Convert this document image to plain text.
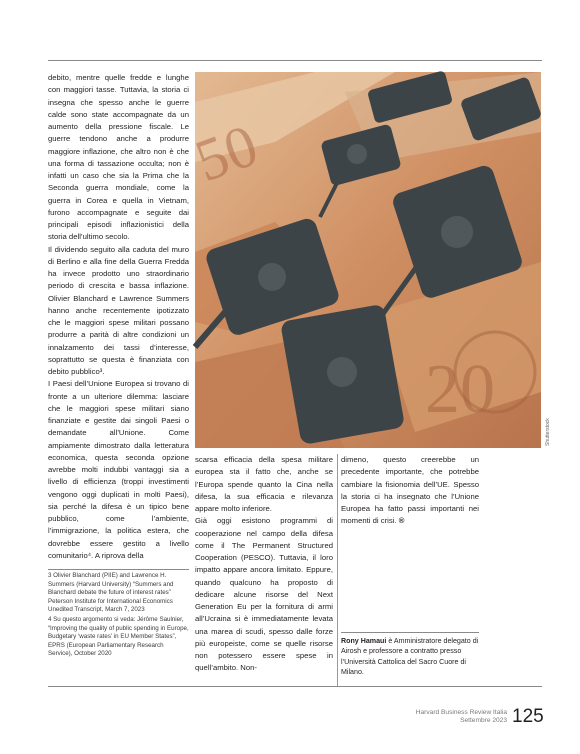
debito, mentre quelle fredde e lunghe con maggiori tasse. Tuttavia, la storia ci insegna che spesso anche le guerre calde sono state accompagnate da un aumento della pressione fiscale. Le guerre tendono anche a produrre maggiore inflazione, che altro non è che una forma di tassazione occulta; non è infatti un caso che sia la Prima che la Seconda guerra mondiale, come la guerra in Corea e quella in Vietnam, furono accompagnate e seguite dai principali episodi inflazionistici della storia dell’ultimo secolo.

Il dividendo seguito alla caduta del muro di Berlino e alla fine della Guerra Fredda ha invece prodotto uno straordinario periodo di crescita e bassa inflazione. Olivier Blanchard e Lawrence Summers hanno anche recentemente ipotizzato che le maggiori spese militari possano produrre a parità di altre condizioni un innalzamento dei tassi d’interesse, soprattutto se questa è finanziata con debito pubblico³.

I Paesi dell’Unione Europea si trovano di fronte a un ulteriore dilemma: lasciare che le maggiori spese militari siano finanziate e gestite dai singoli Paesi o demandate all’Unione. Come ampiamente dimostrato dalla letteratura economica, questa seconda opzione avrebbe molti indubbi vantaggi sia a livello di efficienza (troppi investimenti vengono oggi duplicati in molti Paesi), sia perché la difesa è un tipico bene pubblico, come l’ambiente, l’immigrazione, la politica estera, che dovrebbe essere gestito a livello comunitario⁴. A riprova della

3 Olivier Blanchard (PIIE) and Lawrence H. Summers (Harvard University) “Summers and Blanchard debate the future of interest rates” Peterson Institute for International Economics Unedited Transcript, March 7, 2023

4 Su questo argomento si veda: Jérôme Saulnier, “Improving the quality of public spending in Europe, Budgetary ‘waste rates’ in EU Member States”, EPRS (European Parliamentary Research Service), October 2020

50
20
Shutterstock

scarsa efficacia della spesa militare europea sta il fatto che, anche se l’Europa spende quanto la Cina nella difesa, la sua efficacia e rilevanza appare molto inferiore.

Già oggi esistono programmi di cooperazione nel campo della difesa come il The Permanent Structured Cooperation (PESCO). Tuttavia, il loro impatto appare ancora limitato. Eppure, quando qualcuno ha proposto di dedicare alcune risorse del Next Generation Eu per la fornitura di armi all’Ucraina si è immediatamente levata una marea di scudi, spesso dalle forze più europeiste, come se quelle risorse non potessero essere spese in quell’ambito. Non-

dimeno, questo creerebbe un precedente importante, che potrebbe cambiare la fisionomia dell’UE. Spesso la storia ci ha insegnato che l’Unione Europea ha fatto passi importanti nei momenti di crisi. ®

Rony Hamaui è Amministratore delegato di Airosh e professore a contratto presso l’Università Cattolica del Sacro Cuore di Milano.
Harvard Business Review Italia
Settembre 2023 125
